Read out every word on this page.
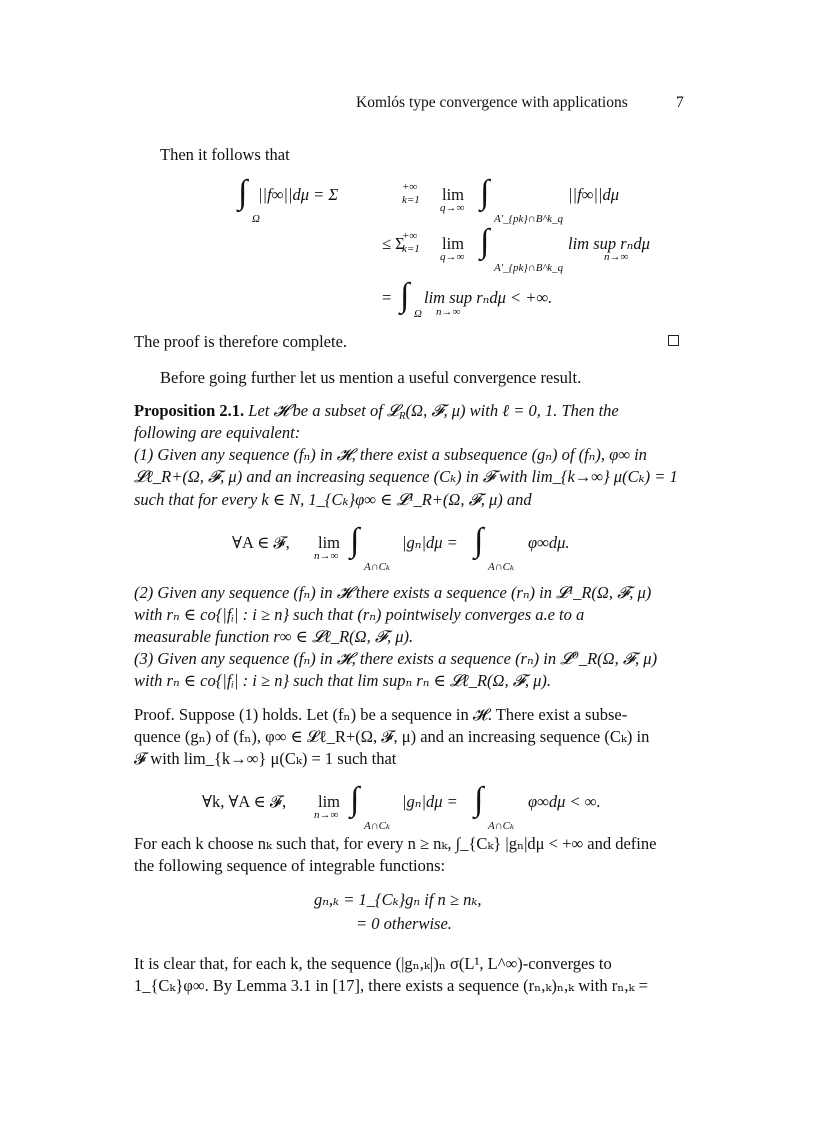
Komlós type convergence with applications	7
Then it follows that
∫
Ω
||f∞||dμ = Σ	+∞
k=1 lim
q→∞ ∫
A′_{pk}∩B^k_q
||f∞||dμ
≤ Σ
+∞
k=1 lim
q→∞ ∫
A′_{pk}∩B^k_q
lim sup rₙdμ
n→∞
= ∫ Ω
lim sup rₙdμ < +∞.
n→∞
The proof is therefore complete.
Before going further let us mention a useful convergence result.
Proposition 2.1. Let 𝓗 be a subset of 𝓛R(Ω, 𝓕, μ) with ℓ = 0, 1. Then the
following are equivalent:
(1) Given any sequence (fₙ) in 𝓗, there exist a subsequence (gₙ) of (fₙ), φ∞ in
𝓛ℓ_R+(Ω, 𝓕, μ) and an increasing sequence (Cₖ) in 𝓕 with lim_{k→∞} μ(Cₖ) = 1
such that for every k ∈ N, 1_{Cₖ}φ∞ ∈ 𝓛¹_R+(Ω, 𝓕, μ) and
∀A ∈ 𝓕, lim
n→∞ ∫
A∩Cₖ
|gₙ|dμ = ∫
A∩Cₖ
φ∞dμ.
(2) Given any sequence (fₙ) in 𝓗 there exists a sequence (rₙ) in 𝓛¹_R(Ω, 𝓕, μ)
with rₙ ∈ co{|fᵢ| : i ≥ n} such that (rₙ) pointwisely converges a.e to a
measurable function r∞ ∈ 𝓛ℓ_R(Ω, 𝓕, μ).
(3) Given any sequence (fₙ) in 𝓗, there exists a sequence (rₙ) in 𝓛⁰_R(Ω, 𝓕, μ)
with rₙ ∈ co{|fᵢ| : i ≥ n} such that lim supₙ rₙ ∈ 𝓛ℓ_R(Ω, 𝓕, μ).
Proof. Suppose (1) holds. Let (fₙ) be a sequence in 𝓗. There exist a subse-
quence (gₙ) of (fₙ), φ∞ ∈ 𝓛ℓ_R+(Ω, 𝓕, μ) and an increasing sequence (Cₖ) in
𝓕 with lim_{k→∞} μ(Cₖ) = 1 such that
∀k, ∀A ∈ 𝓕, lim
n→∞ ∫
A∩Cₖ
|gₙ|dμ = ∫
A∩Cₖ
φ∞dμ < ∞.
For each k choose nₖ such that, for every n ≥ nₖ, ∫_{Cₖ} |gₙ|dμ < +∞ and define
the following sequence of integrable functions:
gₙ,ₖ = 1_{Cₖ}gₙ if n ≥ nₖ,
= 0 otherwise.
It is clear that, for each k, the sequence (|gₙ,ₖ|)ₙ σ(L¹, L^∞)-converges to
1_{Cₖ}φ∞. By Lemma 3.1 in [17], there exists a sequence (rₙ,ₖ)ₙ,ₖ with rₙ,ₖ =
